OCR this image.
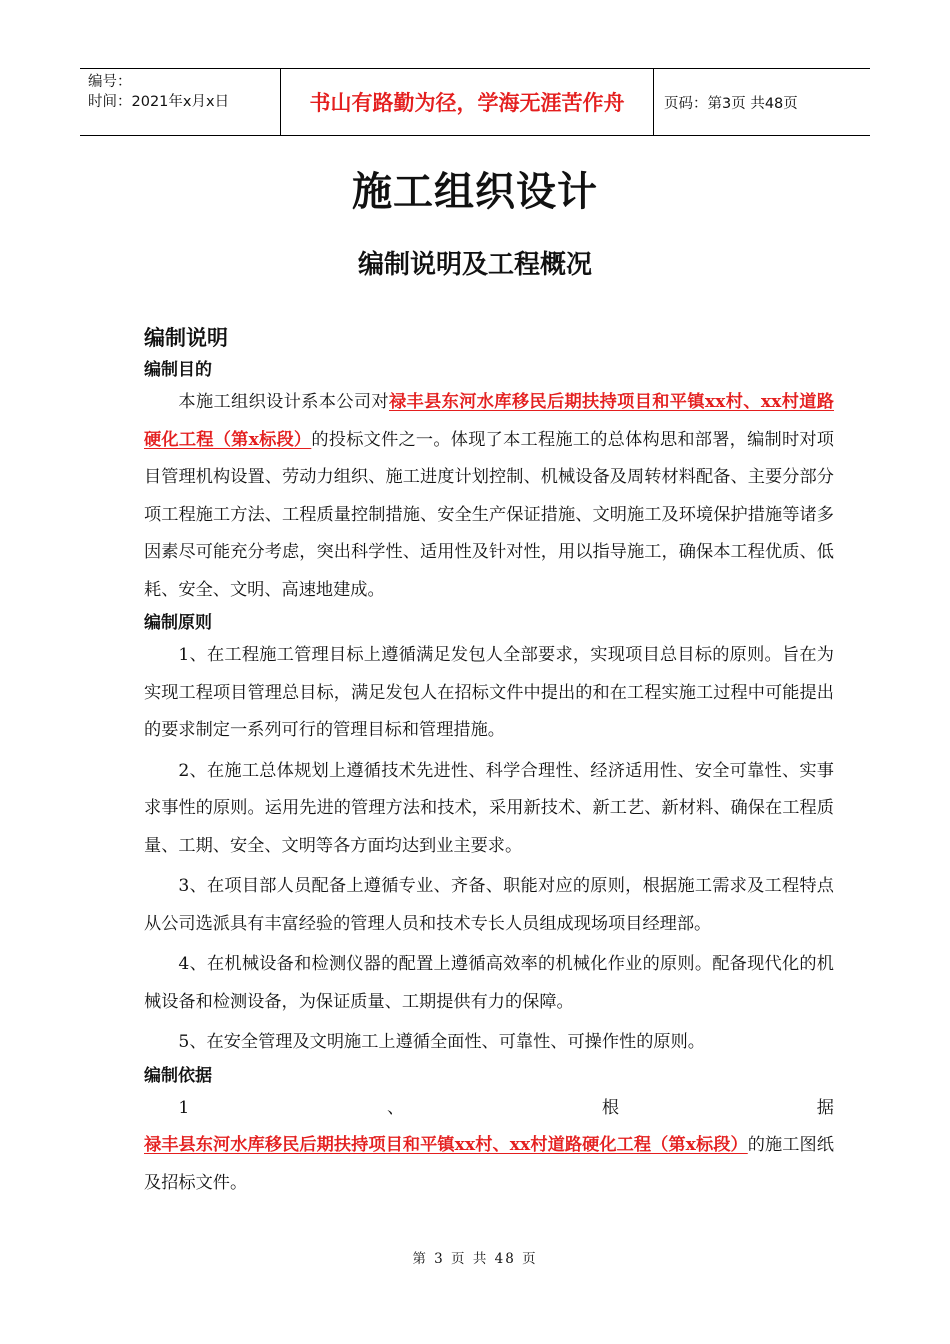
编号：
时间：2021年x月x日	书山有路勤为径，学海无涯苦作舟	页码：第3页 共48页
施工组织设计
编制说明及工程概况
编制说明
编制目的

本施工组织设计系本公司对禄丰县东河水库移民后期扶持项目和平镇xx村、xx村道路硬化工程（第x标段）的投标文件之一。体现了本工程施工的总体构思和部署，编制时对项目管理机构设置、劳动力组织、施工进度计划控制、机械设备及周转材料配备、主要分部分项工程施工方法、工程质量控制措施、安全生产保证措施、文明施工及环境保护措施等诸多因素尽可能充分考虑，突出科学性、适用性及针对性，用以指导施工，确保本工程优质、低耗、安全、文明、高速地建成。

编制原则

1、在工程施工管理目标上遵循满足发包人全部要求，实现项目总目标的原则。旨在为实现工程项目管理总目标，满足发包人在招标文件中提出的和在工程实施工过程中可能提出的要求制定一系列可行的管理目标和管理措施。

2、在施工总体规划上遵循技术先进性、科学合理性、经济适用性、安全可靠性、实事求事性的原则。运用先进的管理方法和技术，采用新技术、新工艺、新材料、确保在工程质量、工期、安全、文明等各方面均达到业主要求。

3、在项目部人员配备上遵循专业、齐备、职能对应的原则，根据施工需求及工程特点从公司选派具有丰富经验的管理人员和技术专长人员组成现场项目经理部。

4、在机械设备和检测仪器的配置上遵循高效率的机械化作业的原则。配备现代化的机械设备和检测设备，为保证质量、工期提供有力的保障。

5、在安全管理及文明施工上遵循全面性、可靠性、可操作性的原则。

编制依据

1、根据禄丰县东河水库移民后期扶持项目和平镇xx村、xx村道路硬化工程（第x标段）的施工图纸及招标文件。

第 3 页 共 48 页
